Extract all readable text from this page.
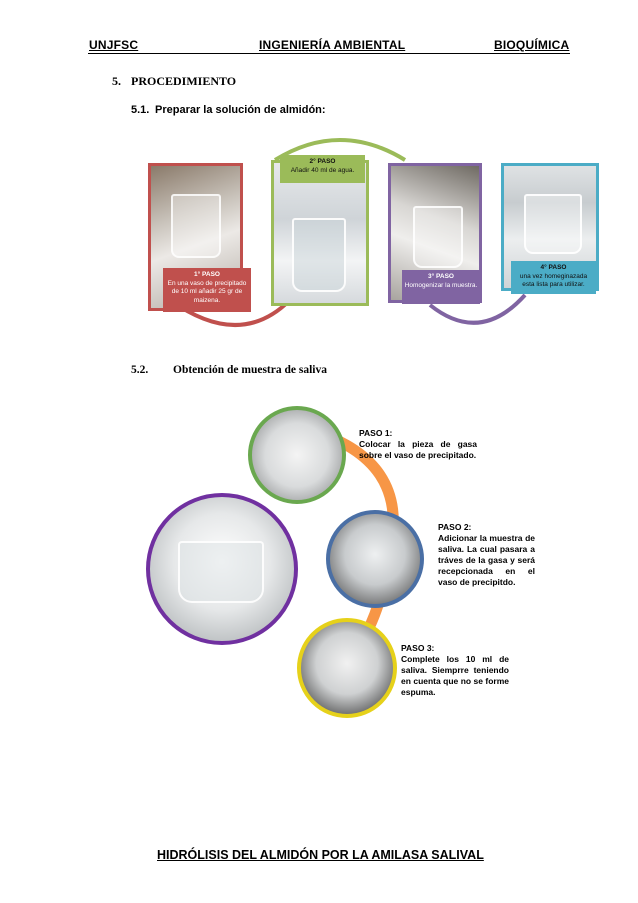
UNJFSC	INGENIERÍA AMBIENTAL	BIOQUÍMICA
5. PROCEDIMIENTO
5.1. Preparar la solución de almidón:
1° PASO
En una vaso de precipitado de 10 ml añadir 25 gr de maizena.
2° PASO
Añadir 40 ml de agua.
3° PASO
Homogenizar la muestra.
4° PASO
una vez homeginazada esta lista para utilizar.
5.2. Obtención de muestra de saliva
PASO 1:
Colocar la pieza de gasa sobre el vaso de precipitado.
PASO 2:
Adicionar la muestra de saliva. La cual pasara a tráves de la gasa y será recepcionada en el vaso de precipitdo.
PASO 3:
Complete los 10 ml de saliva. Siemprre teniendo en cuenta que no se forme espuma.
HIDRÓLISIS DEL ALMIDÓN POR LA AMILASA SALIVAL
